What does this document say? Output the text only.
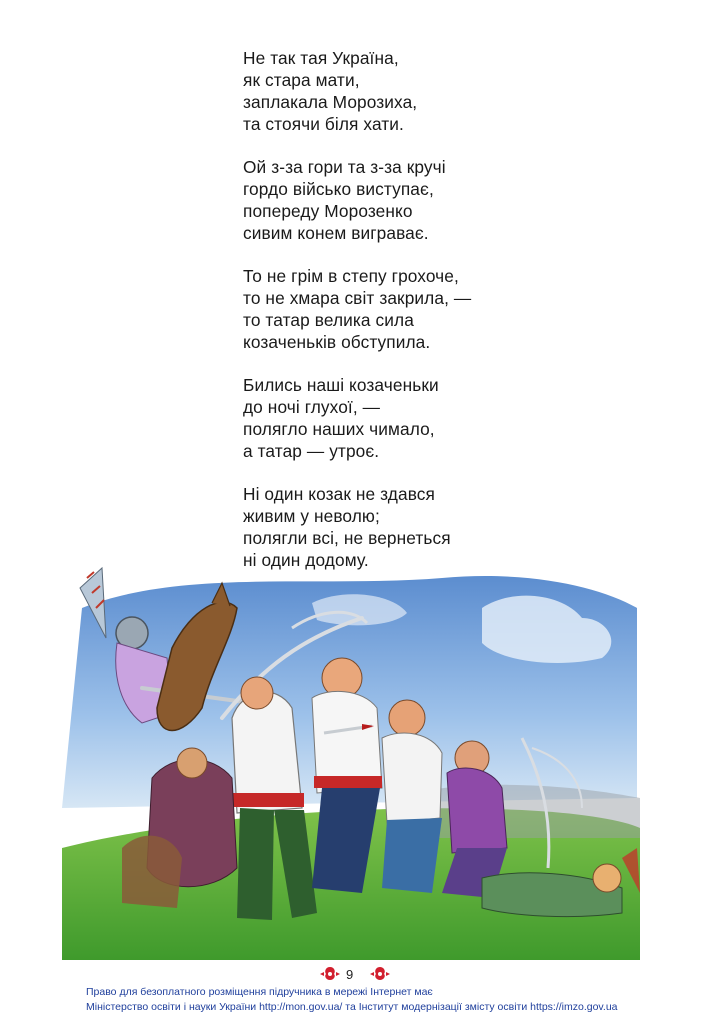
Не так тая Україна,
як стара мати,
заплакала Морозиха,
та стоячи біля хати.
Ой з-за гори та з-за кручі
гордо військо виступає,
попереду Морозенко
сивим конем виграває.
То не грім в степу грохоче,
то не хмара світ закрила, —
то татар велика сила
козаченьків обступила.
Бились наші козаченьки
до ночі глухої, —
полягло наших чимало,
а татар — утроє.
Ні один козак не здався
живим у неволю;
полягли всі, не вернеться
ні один додому.
9
Право для безоплатного розміщення підручника в мережі Інтернет має
Міністерство освіти і науки України http://mon.gov.ua/ та Інститут модернізації змісту освіти https://imzo.gov.ua
